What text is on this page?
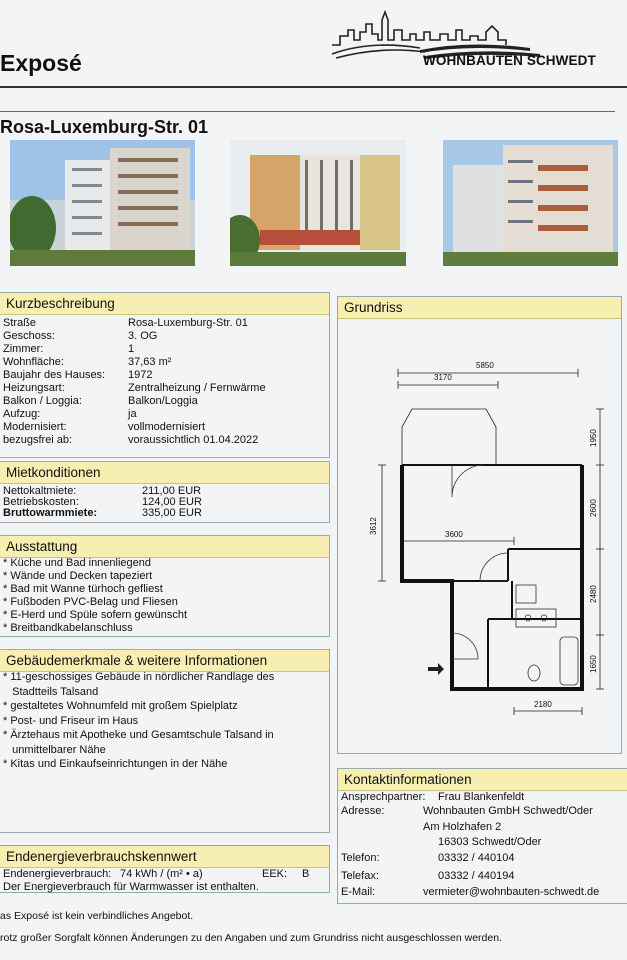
Exposé	WOHNBAUTEN SCHWEDT
Rosa-Luxemburg-Str. 01
Kurzbeschreibung
Straße	Rosa-Luxemburg-Str. 01
Geschoss:	3. OG
Zimmer:	1
Wohnfläche:	37,63 m²
Baujahr des Hauses: 1972
Heizungsart:	Zentralheizung / Fernwärme
Balkon / Loggia:	Balkon/Loggia
Aufzug:	ja
Modernisiert:	vollmodernisiert
bezugsfrei ab:	voraussichtlich 01.04.2022
Mietkonditionen
Nettokaltmiete:	211,00 EUR
Betriebskosten:	124,00 EUR
Bruttowarmmiete:	335,00 EUR
Ausstattung
* Küche und Bad innenliegend
* Wände und Decken tapeziert
* Bad mit Wanne türhoch gefliest
* Fußboden PVC-Belag und Fliesen
* E-Herd und Spüle sofern gewünscht
* Breitbandkabelanschluss
Gebäudemerkmale & weitere Informationen
* 11-geschossiges Gebäude in nördlicher Randlage des
Stadtteils Talsand
* gestaltetes Wohnumfeld mit großem Spielplatz
* Post- und Friseur im Haus
* Ärztehaus mit Apotheke und Gesamtschule Talsand in
unmittelbarer Nähe
* Kitas und Einkaufseinrichtungen in der Nähe
Endenergieverbrauchskennwert
Endenergieverbrauch: 74 kWh / (m² • a)	EEK: B
Der Energieverbrauch für Warmwasser ist enthalten.
Grundriss
5850
3170
3600
2180
1950
2600
2480
1650
3612
Kontaktinformationen
Ansprechpartner: Frau Blankenfeldt
Adresse:	Wohnbauten GmbH Schwedt/Oder
Am Holzhafen 2
16303 Schwedt/Oder
Telefon:	03332 / 440104
Telefax:	03332 / 440194
E-Mail:	vermieter@wohnbauten-schwedt.de
as Exposé ist kein verbindliches Angebot.
rotz großer Sorgfalt können Änderungen zu den Angaben und zum Grundriss nicht ausgeschlossen werden.
